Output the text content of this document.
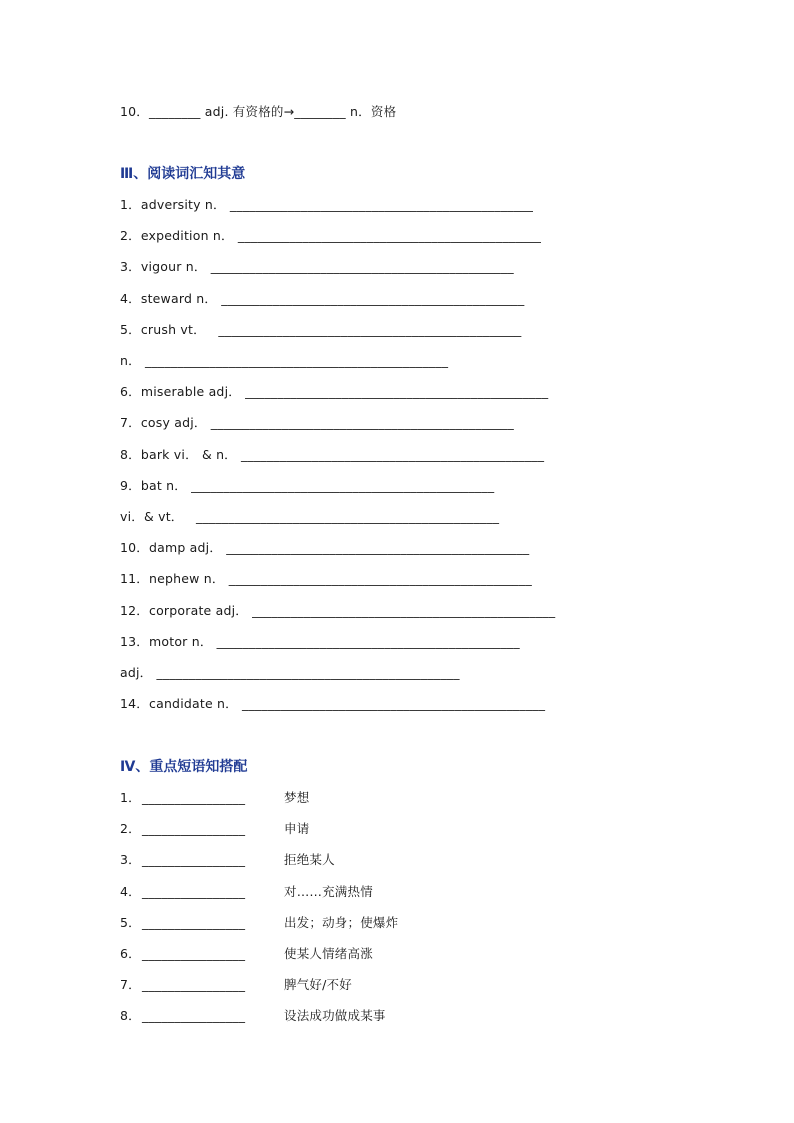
10．________ adj. 有资格的→________ n．资格
Ⅲ、阅读词汇知其意
1．adversity n． _______________________________________________
2．expedition n． _______________________________________________
3．vigour n． _______________________________________________
4．steward n． _______________________________________________
5．crush vt．   _______________________________________________
n． _______________________________________________
6．miserable adj． _______________________________________________
7．cosy adj． _______________________________________________
8．bark vi． & n． _______________________________________________
9．bat n． _______________________________________________
vi．& vt．   _______________________________________________
10．damp adj． _______________________________________________
11．nephew n． _______________________________________________
12．corporate adj． _______________________________________________
13．motor n． _______________________________________________
adj． _______________________________________________
14．candidate n． _______________________________________________
Ⅳ、重点短语知搭配
1． ________________	梦想
2． ________________	申请
3． ________________	拒绝某人
4． ________________	对……充满热情
5． ________________	出发；动身；使爆炸
6． ________________	使某人情绪高涨
7． ________________	脾气好/不好
8． ________________	设法成功做成某事
